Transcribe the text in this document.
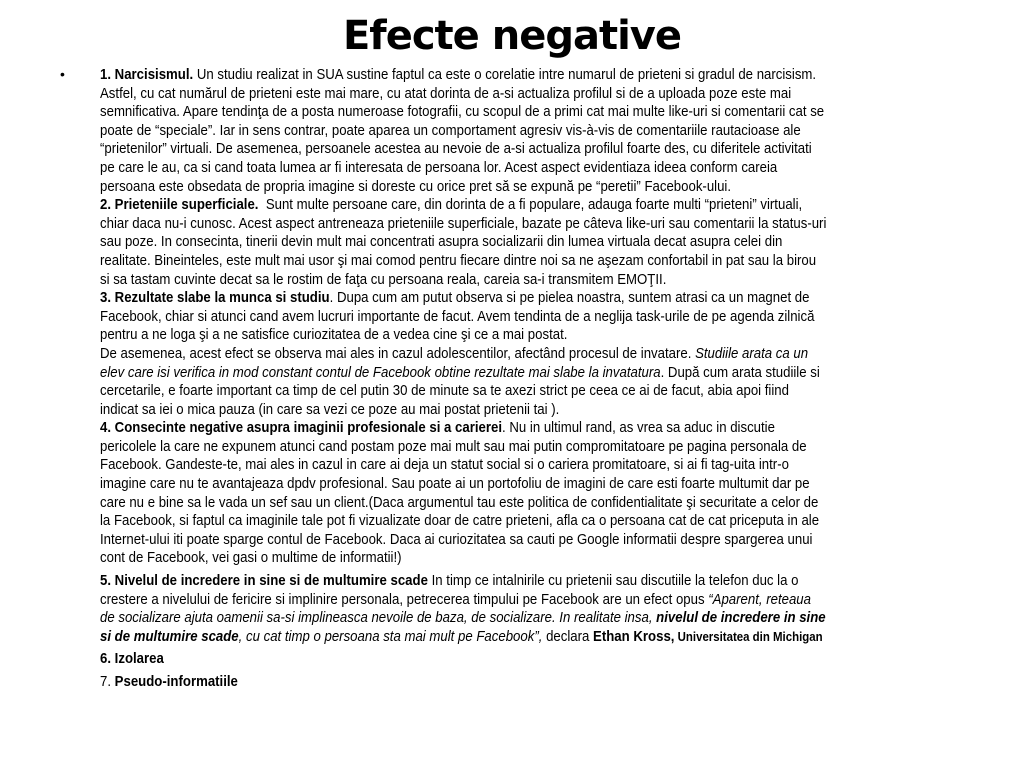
Efecte negative
• 1. Narcisismul. Un studiu realizat in SUA sustine faptul ca este o corelatie intre numarul de prieteni si gradul de narcisism.
Astfel, cu cat numărul de prieteni este mai mare, cu atat dorinta de a-si actualiza profilul si de a uploada poze este mai
semnificativa. Apare tendinţa de a posta numeroase fotografii, cu scopul de a primi cat mai multe like-uri si comentarii cat se
poate de “speciale”. Iar in sens contrar, poate aparea un comportament agresiv vis-à-vis de comentariile rautacioase ale
“prietenilor” virtuali. De asemenea, persoanele acestea au nevoie de a-si actualiza profilul foarte des, cu diferitele activitati
pe care le au, ca si cand toata lumea ar fi interesata de persoana lor. Acest aspect evidentiaza ideea conform careia
persoana este obsedata de propria imagine si doreste cu orice pret să se expună pe “peretii” Facebook-ului.
2. Prieteniile superficiale.  Sunt multe persoane care, din dorinta de a fi populare, adauga foarte multi “prieteni” virtuali,
chiar daca nu-i cunosc. Acest aspect antreneaza prieteniile superficiale, bazate pe câteva like-uri sau comentarii la status-uri
sau poze. In consecinta, tinerii devin mult mai concentrati asupra socializarii din lumea virtuala decat asupra celei din
realitate. Bineinteles, este mult mai usor şi mai comod pentru fiecare dintre noi sa ne aşezam confortabil in pat sau la birou
si sa tastam cuvinte decat sa le rostim de faţa cu persoana reala, careia sa-i transmitem EMOŢII.
3. Rezultate slabe la munca si studiu. Dupa cum am putut observa si pe pielea noastra, suntem atrasi ca un magnet de
Facebook, chiar si atunci cand avem lucruri importante de facut. Avem tendinta de a neglija task-urile de pe agenda zilnică
pentru a ne loga şi a ne satisfice curiozitatea de a vedea cine şi ce a mai postat.
De asemenea, acest efect se observa mai ales in cazul adolescentilor, afectând procesul de invatare. Studiile arata ca un
elev care isi verifica in mod constant contul de Facebook obtine rezultate mai slabe la invatatura. După cum arata studiile si
cercetarile, e foarte important ca timp de cel putin 30 de minute sa te axezi strict pe ceea ce ai de facut, abia apoi fiind
indicat sa iei o mica pauza (in care sa vezi ce poze au mai postat prietenii tai ).
4. Consecinte negative asupra imaginii profesionale si a carierei. Nu in ultimul rand, as vrea sa aduc in discutie
pericolele la care ne expunem atunci cand postam poze mai mult sau mai putin compromitatoare pe pagina personala de
Facebook. Gandeste-te, mai ales in cazul in care ai deja un statut social si o cariera promitatoare, si ai fi tag-uita intr-o
imagine care nu te avantajeaza dpdv profesional. Sau poate ai un portofoliu de imagini de care esti foarte multumit dar pe
care nu e bine sa le vada un sef sau un client.(Daca argumentul tau este politica de confidentialitate şi securitate a celor de
la Facebook, si faptul ca imaginile tale pot fi vizualizate doar de catre prieteni, afla ca o persoana cat de cat priceputa in ale
Internet-ului iti poate sparge contul de Facebook. Daca ai curiozitatea sa cauti pe Google informatii despre spargerea unui
cont de Facebook, vei gasi o multime de informatii!)
5. Nivelul de incredere in sine si de multumire scade In timp ce intalnirile cu prietenii sau discutiile la telefon duc la o
crestere a nivelului de fericire si implinire personala, petrecerea timpului pe Facebook are un efect opus “Aparent, reteaua
de socializare ajuta oamenii sa-si implineasca nevoile de baza, de socializare. In realitate insa, nivelul de incredere in sine
si de multumire scade, cu cat timp o persoana sta mai mult pe Facebook”, declara Ethan Kross, Universitatea din Michigan
6. Izolarea
7. Pseudo-informatiile
